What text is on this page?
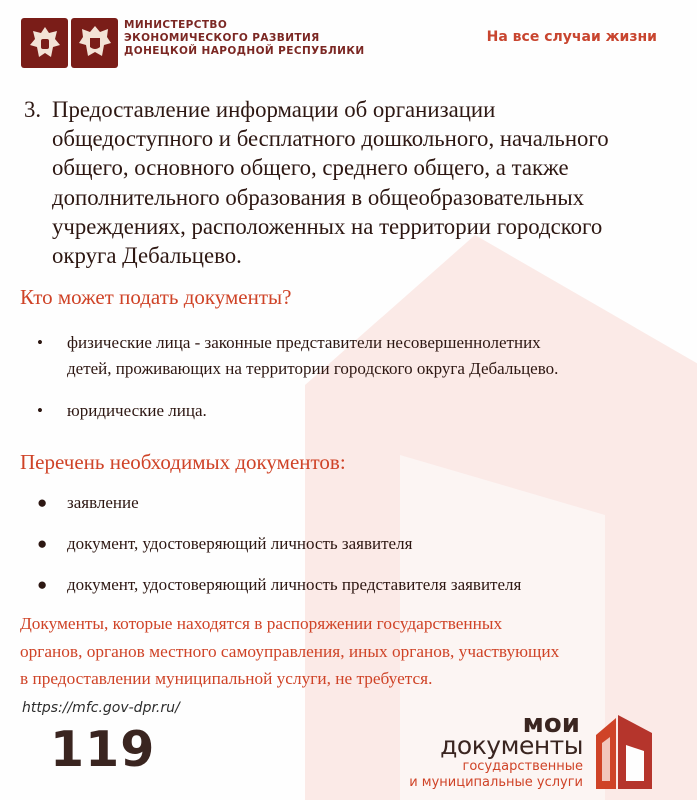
МИНИСТЕРСТВО
ЭКОНОМИЧЕСКОГО РАЗВИТИЯ
ДОНЕЦКОЙ НАРОДНОЙ РЕСПУБЛИКИ
На все случаи жизни
3. Предоставление информации об организации
общедоступного и бесплатного дошкольного, начального
общего, основного общего, среднего общего, а также
дополнительного образования в общеобразовательных
учреждениях, расположенных на территории городского
округа Дебальцево.
Кто может подать документы?
• физические лица - законные представители несовершеннолетних
детей, проживающих на территории городского округа Дебальцево.
• юридические лица.
Перечень необходимых документов:
● заявление
● документ, удостоверяющий личность заявителя
● документ, удостоверяющий личность представителя заявителя
Документы, которые находятся в распоряжении государственных
органов, органов местного самоуправления, иных органов, участвующих
в предоставлении муниципальной услуги, не требуется.
https://mfc.gov-dpr.ru/
119	мои
документы
государственные
и муниципальные услуги
